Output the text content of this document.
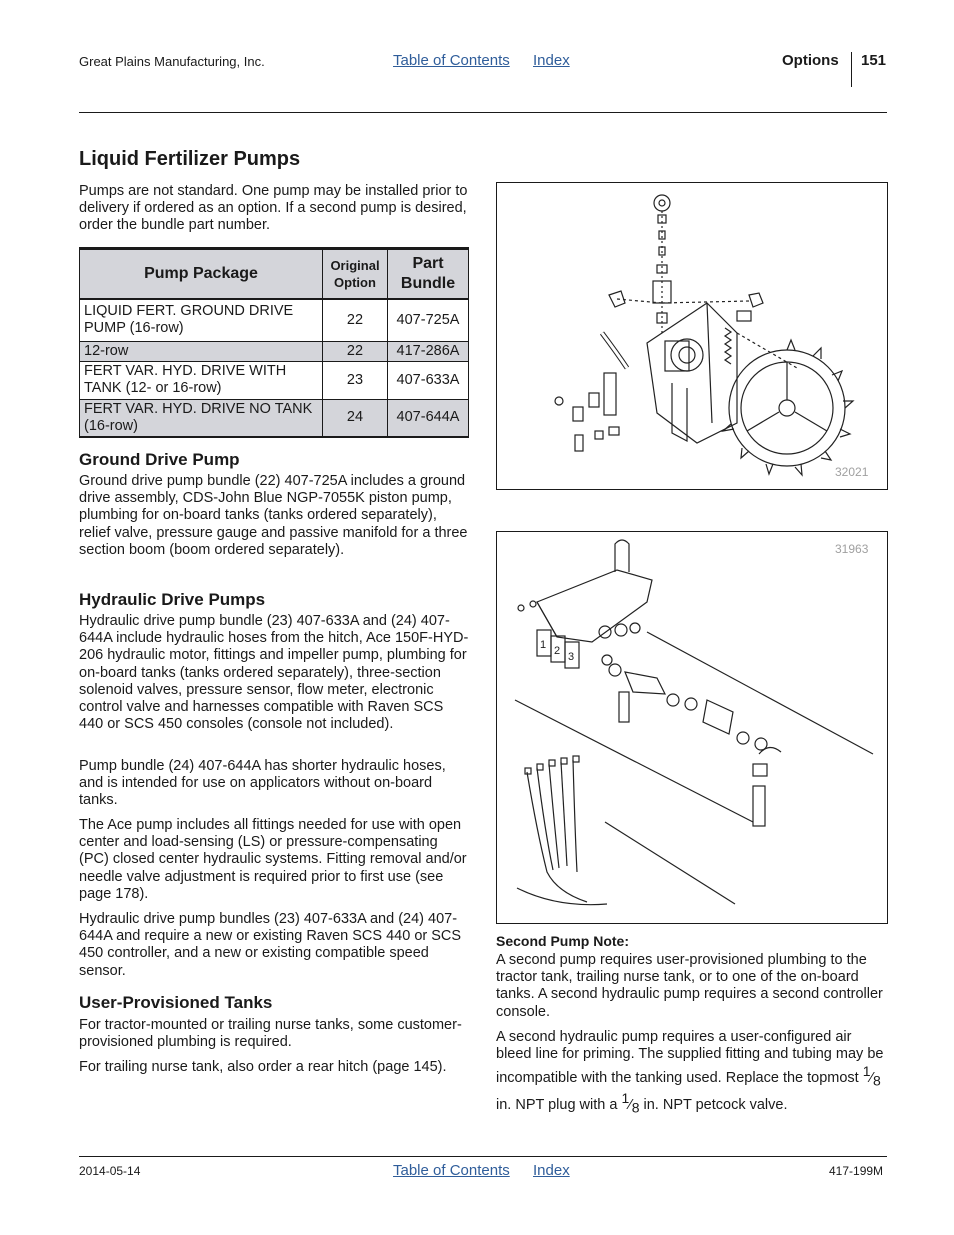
Great Plains Manufacturing, Inc.	Table of Contents Index	Options 151
Liquid Fertilizer Pumps
Pumps are not standard. One pump may be installed prior to delivery if ordered as an option. If a second pump is desired, order the bundle part number.
Pump Package	Original Option	Part Bundle
LIQUID FERT. GROUND DRIVE PUMP (16-row)	22	407-725A
12-row	22	417-286A
FERT VAR. HYD. DRIVE WITH TANK (12- or 16-row)	23	407-633A
FERT VAR. HYD. DRIVE NO TANK (16-row)	24	407-644A
Ground Drive Pump
Ground drive pump bundle (22) 407-725A includes a ground drive assembly, CDS-John Blue NGP-7055K piston pump, plumbing for on-board tanks (tanks ordered separately), relief valve, pressure gauge and passive manifold for a three section boom (boom ordered separately).
Hydraulic Drive Pumps
Hydraulic drive pump bundle (23) 407-633A and (24) 407-644A include hydraulic hoses from the hitch, Ace 150F-HYD-206 hydraulic motor, fittings and impeller pump, plumbing for on-board tanks (tanks ordered separately), three-section solenoid valves, pressure sensor, flow meter, electronic control valve and harnesses compatible with Raven SCS 440 or SCS 450 consoles (console not included).
Pump bundle (24) 407-644A has shorter hydraulic hoses, and is intended for use on applicators without on-board tanks.
The Ace pump includes all fittings needed for use with open center and load-sensing (LS) or pressure-compensating (PC) closed center hydraulic systems. Fitting removal and/or needle valve adjustment is required prior to first use (see page 178).
Hydraulic drive pump bundles (23) 407-633A and (24) 407-644A and require a new or existing Raven SCS 440 or SCS 450 controller, and a new or existing compatible speed sensor.
User-Provisioned Tanks
For tractor-mounted or trailing nurse tanks, some customer-provisioned plumbing is required.
For trailing nurse tank, also order a rear hitch (page 145).
32021
1 2 3
31963
Second Pump Note:
A second pump requires user-provisioned plumbing to the tractor tank, trailing nurse tank, or to one of the on-board tanks. A second hydraulic pump requires a second controller console.
A second hydraulic pump requires a user-configured air bleed line for priming. The supplied fitting and tubing may be incompatible with the tanking used. Replace the topmost $^1⁄_8$ in. NPT plug with a $^1⁄_8$ in. NPT petcock valve.
2014-05-14	Table of Contents Index	417-199M
